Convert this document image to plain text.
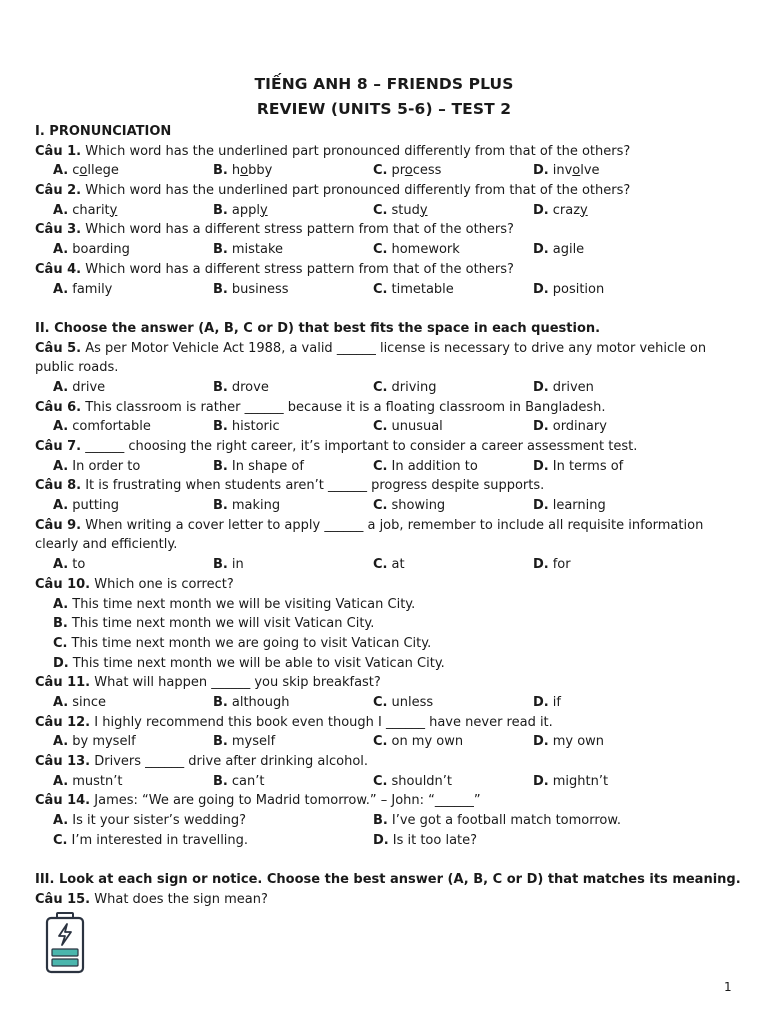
TIẾNG ANH 8 – FRIENDS PLUS
REVIEW (UNITS 5-6) – TEST 2
I. PRONUNCIATION
Câu 1. Which word has the underlined part pronounced differently from that of the others?
A. college	B. hobby	C. process	D. involve
Câu 2. Which word has the underlined part pronounced differently from that of the others?
A. charity	B. apply	C. study	D. crazy
Câu 3. Which word has a different stress pattern from that of the others?
A. boarding	B. mistake	C. homework	D. agile
Câu 4. Which word has a different stress pattern from that of the others?
A. family	B. business	C. timetable	D. position
II. Choose the answer (A, B, C or D) that best fits the space in each question.
Câu 5. As per Motor Vehicle Act 1988, a valid ______ license is necessary to drive any motor vehicle on public roads.
A. drive	B. drove	C. driving	D. driven
Câu 6. This classroom is rather ______ because it is a floating classroom in Bangladesh.
A. comfortable	B. historic	C. unusual	D. ordinary
Câu 7. ______ choosing the right career, it’s important to consider a career assessment test.
A. In order to	B. In shape of	C. In addition to	D. In terms of
Câu 8. It is frustrating when students aren’t ______ progress despite supports.
A. putting	B. making	C. showing	D. learning
Câu 9. When writing a cover letter to apply ______ a job, remember to include all requisite information clearly and efficiently.
A. to	B. in	C. at	D. for
Câu 10. Which one is correct?
A. This time next month we will be visiting Vatican City.
B. This time next month we will visit Vatican City.
C. This time next month we are going to visit Vatican City.
D. This time next month we will be able to visit Vatican City.
Câu 11. What will happen ______ you skip breakfast?
A. since	B. although	C. unless	D. if
Câu 12. I highly recommend this book even though I ______ have never read it.
A. by myself	B. myself	C. on my own	D. my own
Câu 13. Drivers ______ drive after drinking alcohol.
A. mustn’t	B. can’t	C. shouldn’t	D. mightn’t
Câu 14. James: “We are going to Madrid tomorrow.” – John: “______”
A. Is it your sister’s wedding?	B. I’ve got a football match tomorrow.
C. I’m interested in travelling.	D. Is it too late?
III. Look at each sign or notice. Choose the best answer (A, B, C or D) that matches its meaning.
Câu 15. What does the sign mean?
1
